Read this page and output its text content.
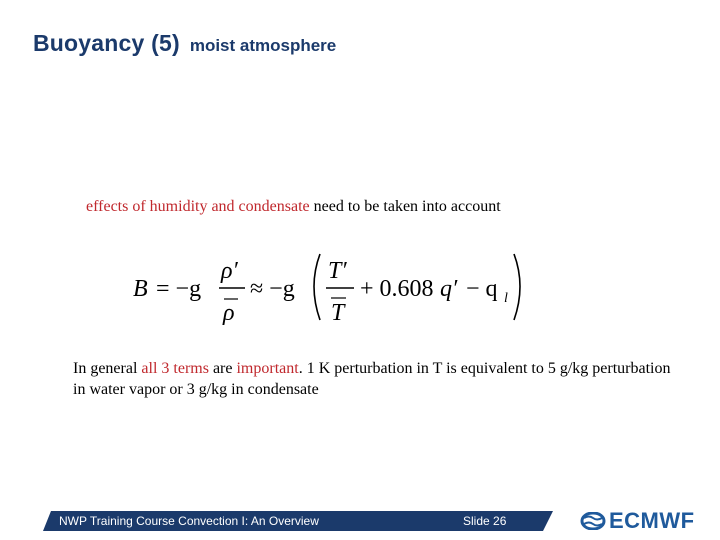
Buoyancy (5) moist atmosphere
effects of humidity and condensate need to be taken into account
B = −g
ρ′
ρ
≈ −g
T′
T
+ 0.608 q′ − q l
In general all 3 terms are important. 1 K perturbation in T is equivalent to 5 g/kg perturbation in water vapor or 3 g/kg in condensate
NWP Training Course Convection I: An Overview	Slide 26	ECMWF
